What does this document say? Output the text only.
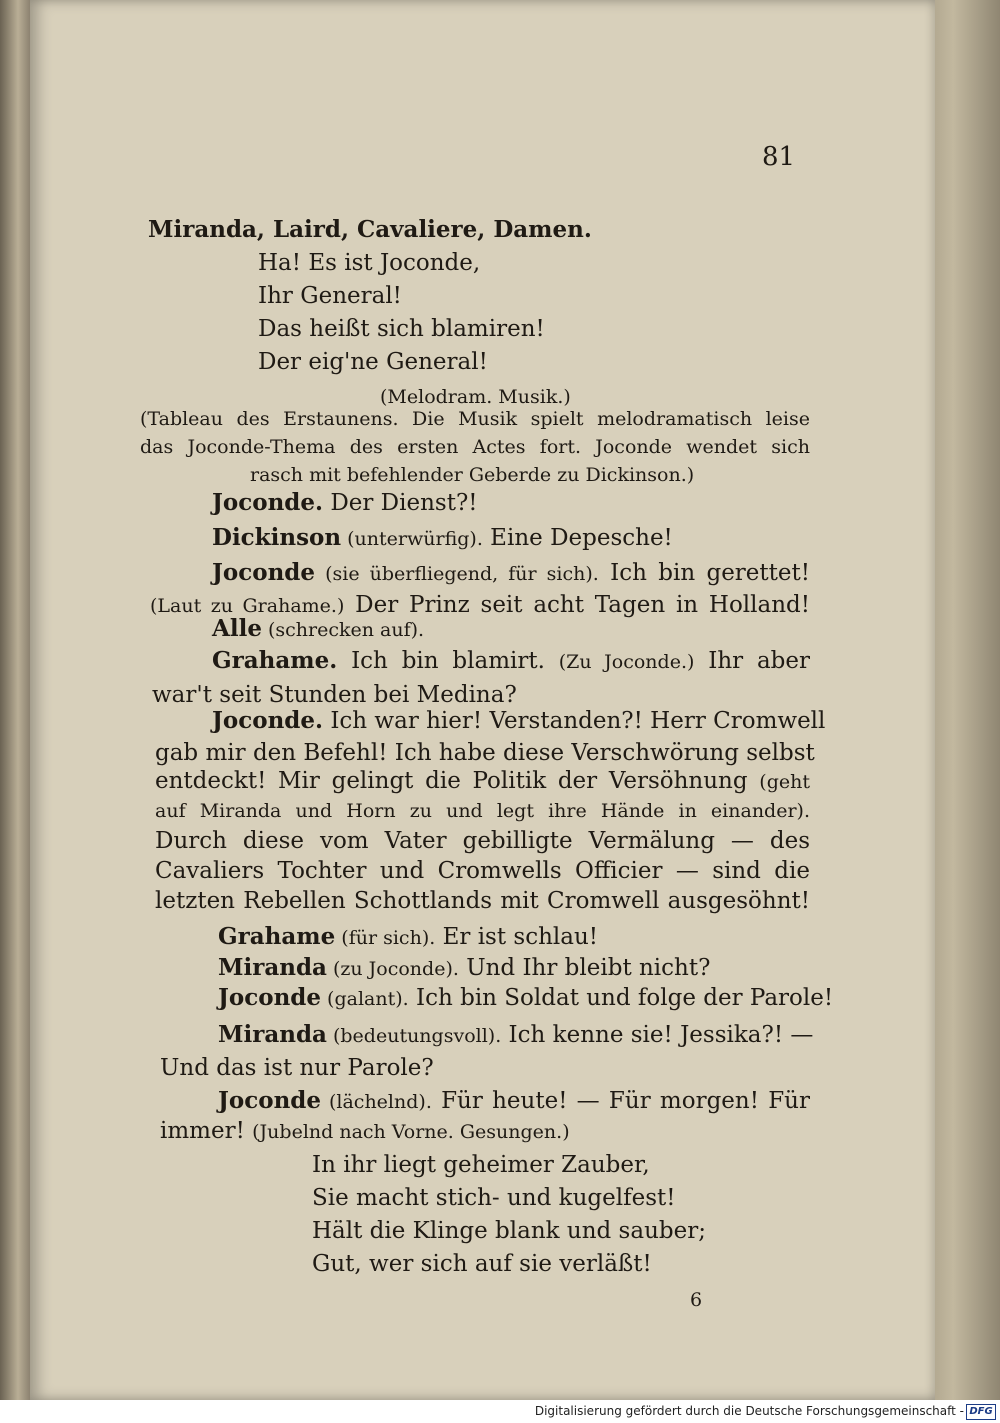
81
Miranda, Laird, Cavaliere, Damen.
Ha! Es ist Joconde,
Ihr General!
Das heißt sich blamiren!
Der eig'ne General!
(Melodram. Musik.)
(Tableau des Erstaunens. Die Musik spielt melodramatisch leise
das Joconde-Thema des ersten Actes fort. Joconde wendet sich
rasch mit befehlender Geberde zu Dickinson.)
Joconde. Der Dienst?!
Dickinson (unterwürfig). Eine Depesche!
Joconde (sie überfliegend, für sich). Ich bin gerettet!
(Laut zu Grahame.) Der Prinz seit acht Tagen in Holland!
Alle (schrecken auf).
Grahame. Ich bin blamirt. (Zu Joconde.) Ihr aber
war't seit Stunden bei Medina?
Joconde. Ich war hier! Verstanden?! Herr Cromwell
gab mir den Befehl! Ich habe diese Verschwörung selbst
entdeckt! Mir gelingt die Politik der Versöhnung (geht
auf Miranda und Horn zu und legt ihre Hände in einander).
Durch diese vom Vater gebilligte Vermälung — des
Cavaliers Tochter und Cromwells Officier — sind die
letzten Rebellen Schottlands mit Cromwell ausgesöhnt!
Grahame (für sich). Er ist schlau!
Miranda (zu Joconde). Und Ihr bleibt nicht?
Joconde (galant). Ich bin Soldat und folge der Parole!
Miranda (bedeutungsvoll). Ich kenne sie! Jessika?! —
Und das ist nur Parole?
Joconde (lächelnd). Für heute! — Für morgen! Für
immer! (Jubelnd nach Vorne. Gesungen.)
In ihr liegt geheimer Zauber,
Sie macht stich- und kugelfest!
Hält die Klinge blank und sauber;
Gut, wer sich auf sie verläßt!
6
Digitalisierung gefördert durch die Deutsche Forschungsgemeinschaft - DFG
